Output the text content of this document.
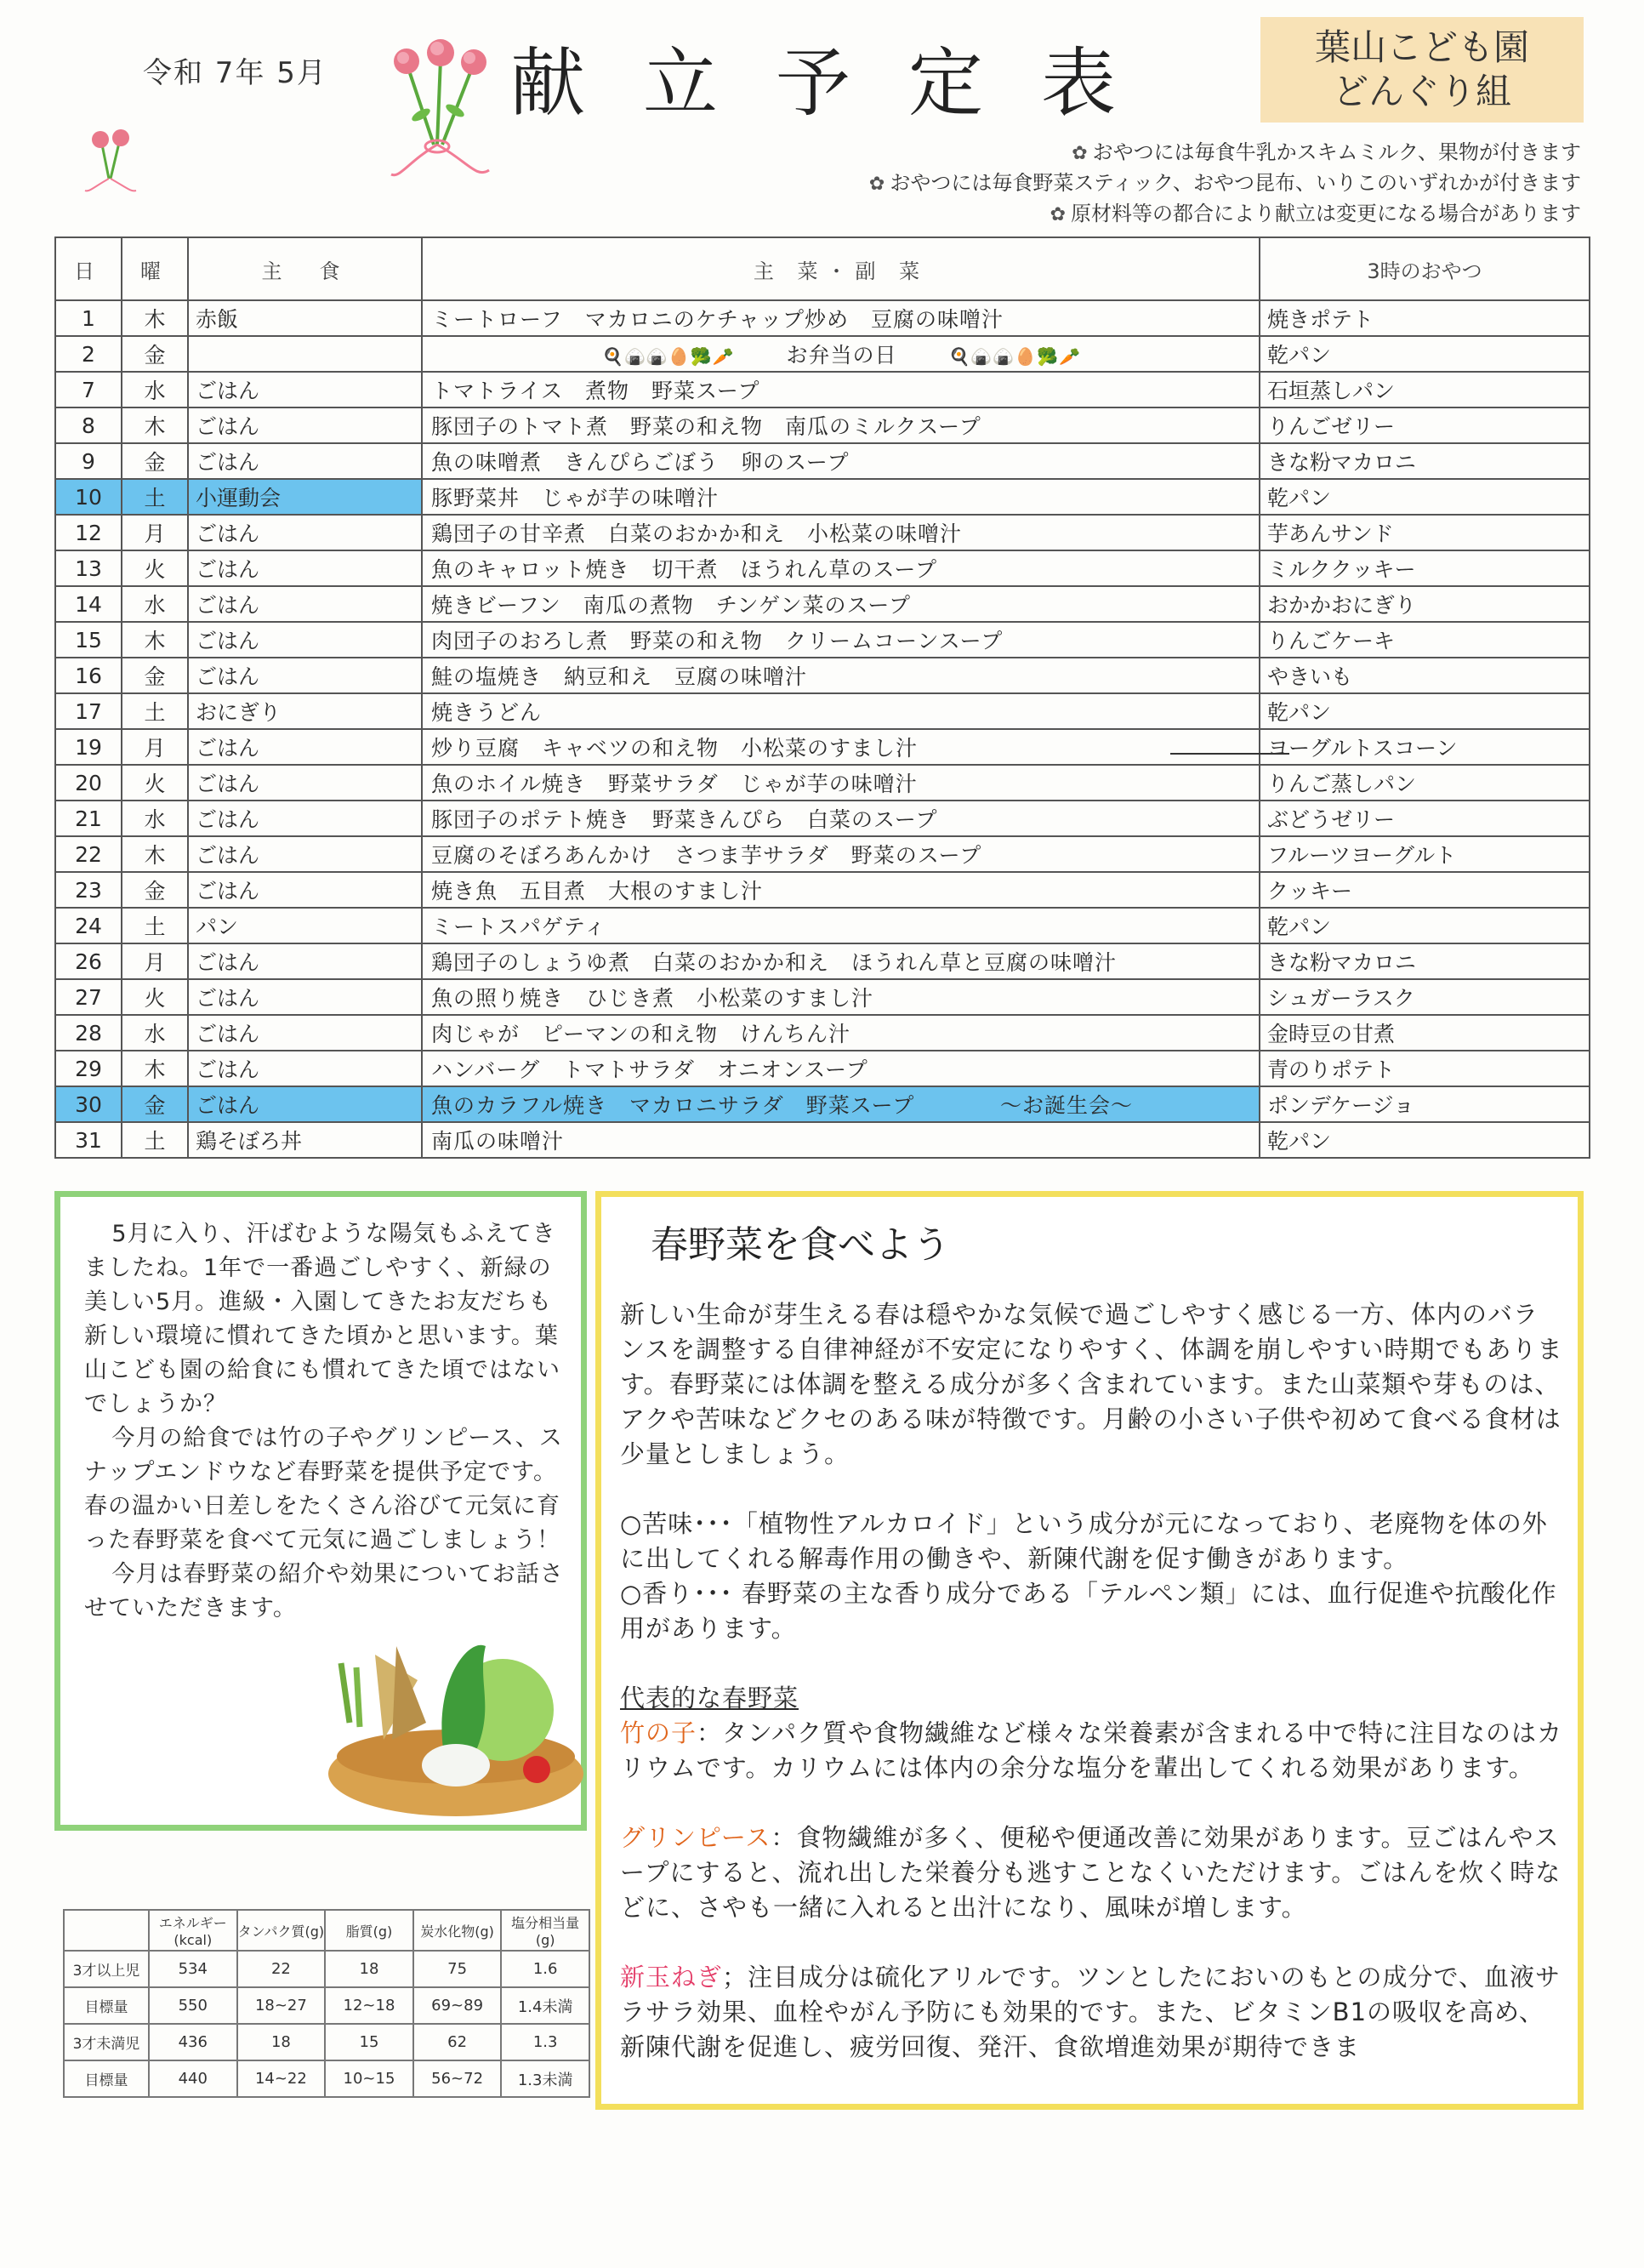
令和 7年 5月 献立予定表	葉山こども園
どんぐり組
✿ おやつには毎食牛乳かスキムミルク、果物が付きます
✿ おやつには毎食野菜スティック、おやつ昆布、いりこのいずれかが付きます
✿ 原材料等の都合により献立は変更になる場合があります
日	曜	主　食	主 菜・副 菜	3時のおやつ
1	木	赤飯	ミートローフ　マカロニのケチャップ炒め　豆腐の味噌汁	焼きポテト
2	金		🍳🍙🍙🥚🥦🥕 お弁当の日 🍳🍙🍙🥚🥦🥕	乾パン
7	水	ごはん	トマトライス　煮物　野菜スープ	石垣蒸しパン
8	木	ごはん	豚団子のトマト煮　野菜の和え物　南瓜のミルクスープ	りんごゼリー
9	金	ごはん	魚の味噌煮　きんぴらごぼう　卵のスープ	きな粉マカロニ
10	土	小運動会	豚野菜丼　じゃが芋の味噌汁	乾パン
12	月	ごはん	鶏団子の甘辛煮　白菜のおかか和え　小松菜の味噌汁	芋あんサンド
13	火	ごはん	魚のキャロット焼き　切干煮　ほうれん草のスープ	ミルククッキー
14	水	ごはん	焼きビーフン　南瓜の煮物　チンゲン菜のスープ	おかかおにぎり
15	木	ごはん	肉団子のおろし煮　野菜の和え物　クリームコーンスープ	りんごケーキ
16	金	ごはん	鮭の塩焼き　納豆和え　豆腐の味噌汁	やきいも
17	土	おにぎり	焼きうどん	乾パン
19	月	ごはん	炒り豆腐　キャベツの和え物　小松菜のすまし汁	ヨーグルトスコーン
20	火	ごはん	魚のホイル焼き　野菜サラダ　じゃが芋の味噌汁	りんご蒸しパン
21	水	ごはん	豚団子のポテト焼き　野菜きんぴら　白菜のスープ	ぶどうゼリー
22	木	ごはん	豆腐のそぼろあんかけ　さつま芋サラダ　野菜のスープ	フルーツヨーグルト
23	金	ごはん	焼き魚　五目煮　大根のすまし汁	クッキー
24	土	パン	ミートスパゲティ	乾パン
26	月	ごはん	鶏団子のしょうゆ煮　白菜のおかか和え　ほうれん草と豆腐の味噌汁	きな粉マカロニ
27	火	ごはん	魚の照り焼き　ひじき煮　小松菜のすまし汁	シュガーラスク
28	水	ごはん	肉じゃが　ピーマンの和え物　けんちん汁	金時豆の甘煮
29	木	ごはん	ハンバーグ　トマトサラダ　オニオンスープ	青のりポテト
30	金	ごはん	魚のカラフル焼き　マカロニサラダ　野菜スープ ～お誕生会～	ポンデケージョ
31	土	鶏そぼろ丼	南瓜の味噌汁	乾パン

5月に入り、汗ばむような陽気もふえてきましたね。1年で一番過ごしやすく、新緑の美しい5月。進級・入園してきたお友だちも新しい環境に慣れてきた頃かと思います。葉山こども園の給食にも慣れてきた頃ではないでしょうか？

今月の給食では竹の子やグリンピース、スナップエンドウなど春野菜を提供予定です。春の温かい日差しをたくさん浴びて元気に育った春野菜を食べて元気に過ごしましょう！

今月は春野菜の紹介や効果についてお話させていただきます。

	エネルギー(kcal)	タンパク質(g)	脂質(g)	炭水化物(g)	塩分相当量(g)
3才以上児	534	22	18	75	1.6
目標量	550	18~27	12~18	69~89	1.4未満
3才未満児	436	18	15	62	1.3
目標量	440	14~22	10~15	56~72	1.3未満
春野菜を食べよう

新しい生命が芽生える春は穏やかな気候で過ごしやすく感じる一方、体内のバランスを調整する自律神経が不安定になりやすく、体調を崩しやすい時期でもあります。春野菜には体調を整える成分が多く含まれています。また山菜類や芽ものは、アクや苦味などクセのある味が特徴です。月齢の小さい子供や初めて食べる食材は少量としましょう。

○苦味･･･「植物性アルカロイド」という成分が元になっており、老廃物を体の外に出してくれる解毒作用の働きや、新陳代謝を促す働きがあります。

○香り･･･ 春野菜の主な香り成分である「テルペン類」には、血行促進や抗酸化作用があります。

代表的な春野菜

竹の子：タンパク質や食物繊維など様々な栄養素が含まれる中で特に注目なのはカリウムです。カリウムには体内の余分な塩分を輩出してくれる効果があります。

グリンピース：食物繊維が多く、便秘や便通改善に効果があります。豆ごはんやスープにすると、流れ出した栄養分も逃すことなくいただけます。ごはんを炊く時などに、さやも一緒に入れると出汁になり、風味が増します。

新玉ねぎ；注目成分は硫化アリルです。ツンとしたにおいのもとの成分で、血液サラサラ効果、血栓やがん予防にも効果的です。また、ビタミンB1の吸収を高め、新陳代謝を促進し、疲労回復、発汗、食欲増進効果が期待できま
